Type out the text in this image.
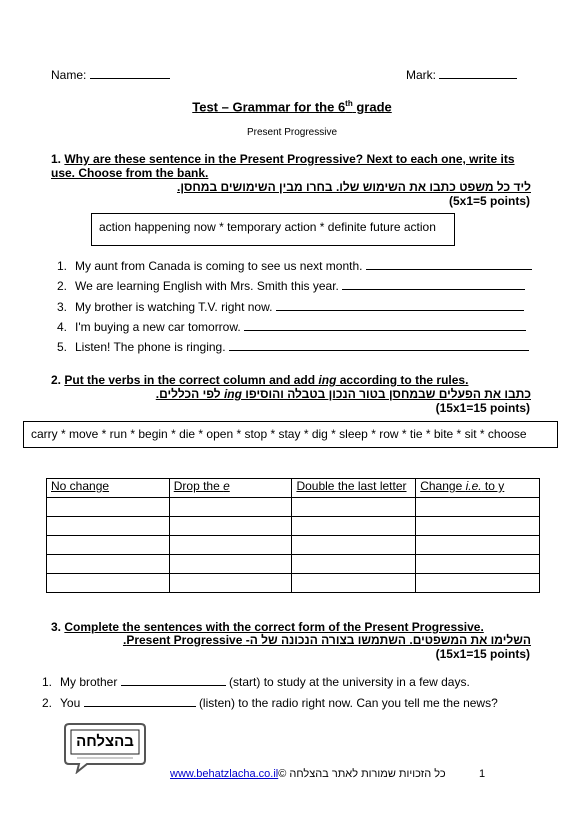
Name:	Mark:
Test – Grammar for the 6th grade
Present Progressive
1. Why are these sentence in the Present Progressive? Next to each one, write its use. Choose from the bank.
ליד כל משפט כתבו את השימוש שלו. בחרו מבין השימושים במחסן.
(5x1=5 points)
action happening now * temporary action * definite future action
1. My aunt from Canada is coming to see us next month.
2. We are learning English with Mrs. Smith this year.
3. My brother is watching T.V. right now.
4. I'm buying a new car tomorrow.
5. Listen! The phone is ringing.
2. Put the verbs in the correct column and add ing according to the rules.
כתבו את הפעלים שבמחסן בטור הנכון בטבלה והוסיפו ing לפי הכללים.
(15x1=15 points)
carry * move * run * begin * die * open * stop * stay * dig * sleep * row * tie * bite * sit * choose
No change	Drop the e	Double the last letter	Change i.e. to y

3. Complete the sentences with the correct form of the Present Progressive.
השלימו את המשפטים. השתמשו בצורה הנכונה של ה- Present Progressive.
(15x1=15 points)
1. My brother	(start) to study at the university in a few days.
2. You	(listen) to the radio right now. Can you tell me the news?
בהצלחה
כל הזכויות שמורות לאתר בהצלחה ©www.behatzlacha.co.il	1
